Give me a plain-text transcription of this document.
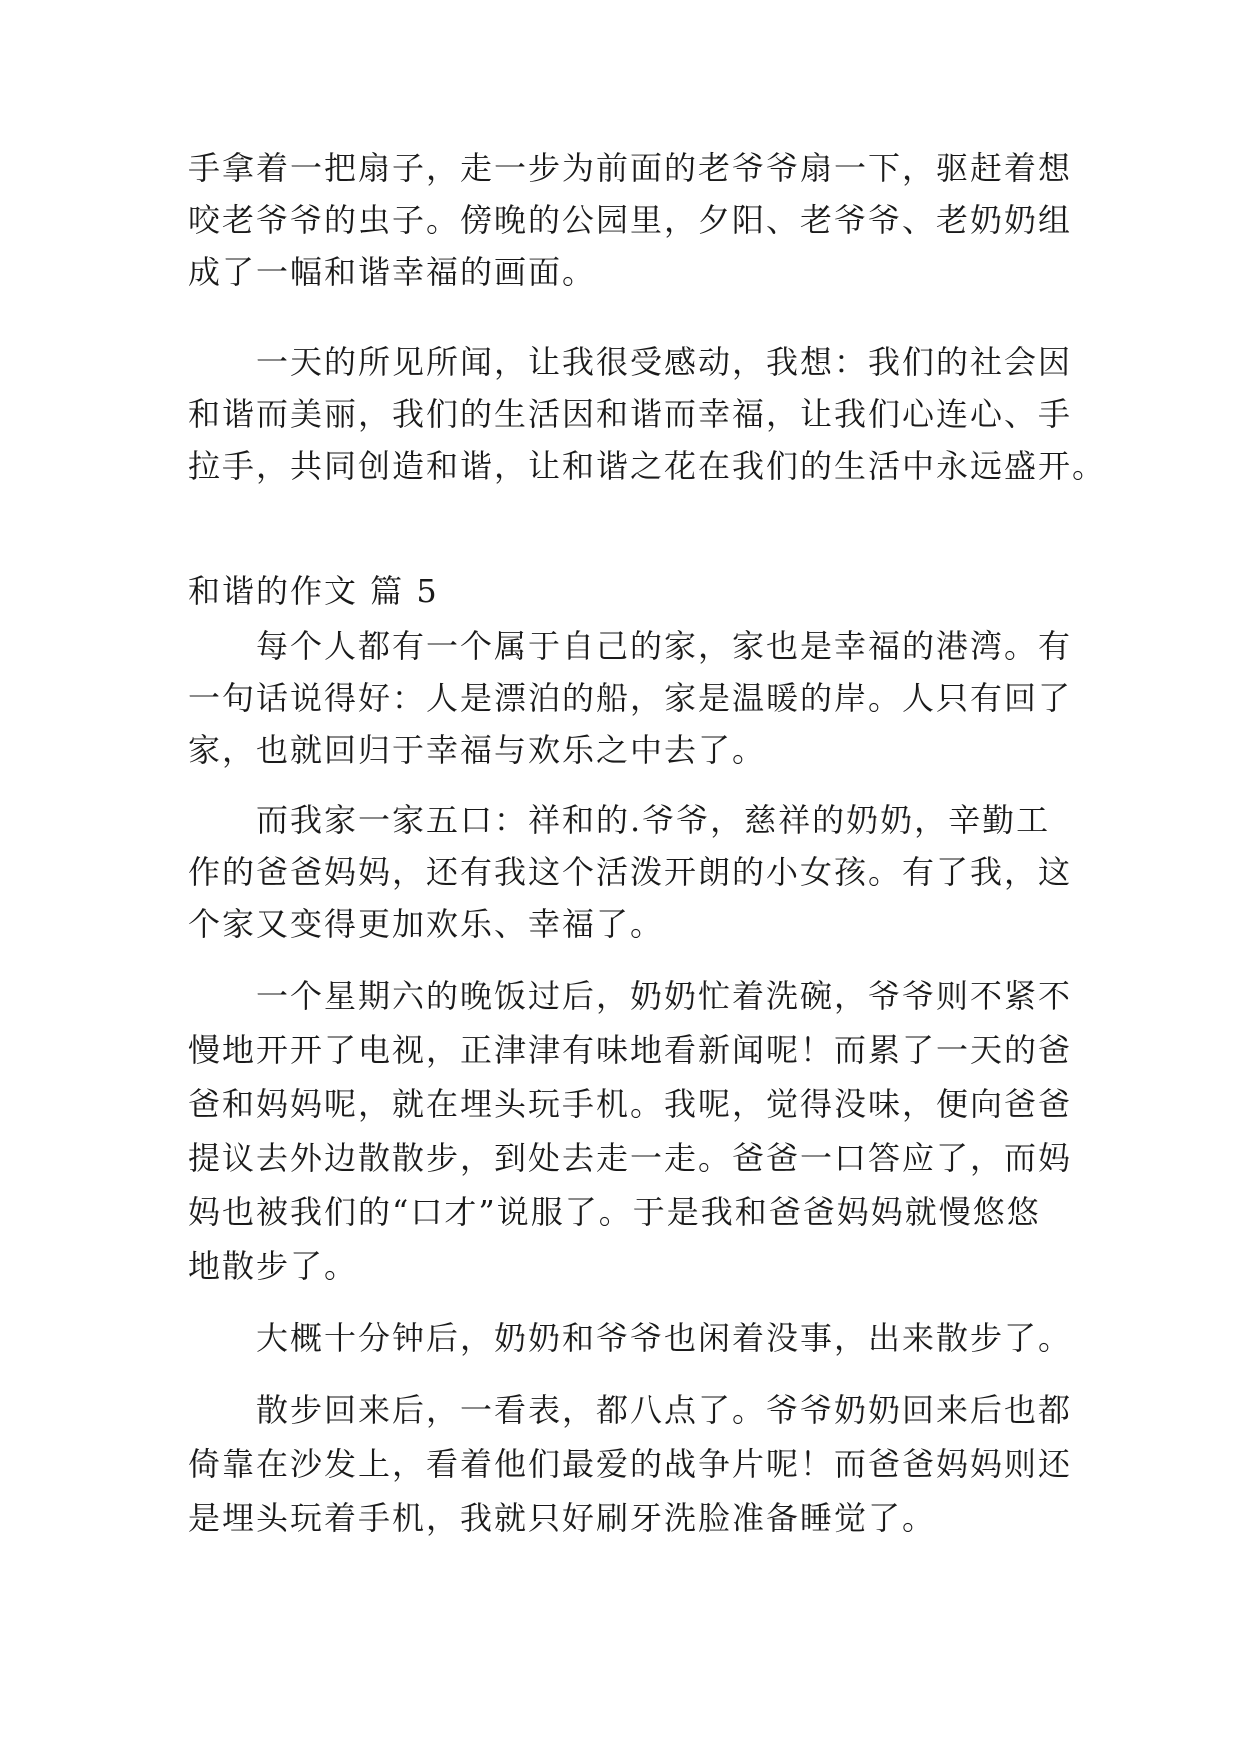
手拿着一把扇子，走一步为前面的老爷爷扇一下，驱赶着想
咬老爷爷的虫子。傍晚的公园里，夕阳、老爷爷、老奶奶组
成了一幅和谐幸福的画面。
一天的所见所闻，让我很受感动，我想：我们的社会因
和谐而美丽，我们的生活因和谐而幸福，让我们心连心、手
拉手，共同创造和谐，让和谐之花在我们的生活中永远盛开。
和谐的作文 篇 5
每个人都有一个属于自己的家，家也是幸福的港湾。有
一句话说得好：人是漂泊的船，家是温暖的岸。人只有回了
家，也就回归于幸福与欢乐之中去了。
而我家一家五口：祥和的.爷爷，慈祥的奶奶，辛勤工
作的爸爸妈妈，还有我这个活泼开朗的小女孩。有了我，这
个家又变得更加欢乐、幸福了。
一个星期六的晚饭过后，奶奶忙着洗碗，爷爷则不紧不
慢地开开了电视，正津津有味地看新闻呢！而累了一天的爸
爸和妈妈呢，就在埋头玩手机。我呢，觉得没味，便向爸爸
提议去外边散散步，到处去走一走。爸爸一口答应了，而妈
妈也被我们的“口才”说服了。于是我和爸爸妈妈就慢悠悠
地散步了。
大概十分钟后，奶奶和爷爷也闲着没事，出来散步了。
散步回来后，一看表，都八点了。爷爷奶奶回来后也都
倚靠在沙发上，看着他们最爱的战争片呢！而爸爸妈妈则还
是埋头玩着手机，我就只好刷牙洗脸准备睡觉了。
